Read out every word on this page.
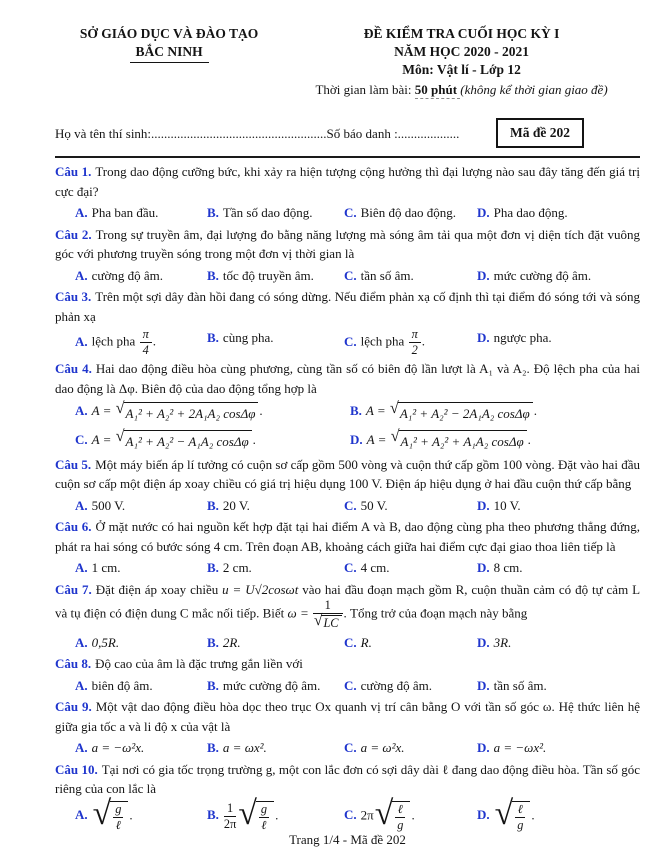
SỞ GIÁO DỤC VÀ ĐÀO TẠO
BẮC NINH
ĐỀ KIỂM TRA CUỐI HỌC KỲ I
NĂM HỌC 2020 - 2021
Môn: Vật lí - Lớp 12
Thời gian làm bài: 50 phút (không kể thời gian giao đề)
Họ và tên thí sinh:...................................................... Số báo danh :...................	Mã đề 202

Câu 1. Trong dao động cưỡng bức, khi xảy ra hiện tượng cộng hưởng thì đại lượng nào sau đây tăng đến giá trị cực đại?

A. Pha ban đầu.	B. Tần số dao động.	C. Biên độ dao động.	D. Pha dao động.

Câu 2. Trong sự truyền âm, đại lượng đo bằng năng lượng mà sóng âm tải qua một đơn vị diện tích đặt vuông góc với phương truyền sóng trong một đơn vị thời gian là

A. cường độ âm.	B. tốc độ truyền âm.	C. tần số âm.	D. mức cường độ âm.

Câu 3. Trên một sợi dây đàn hồi đang có sóng dừng. Nếu điểm phản xạ cố định thì tại điểm đó sóng tới và sóng phản xạ

A. lệch pha $\frac{\pi}{4}$ .	B. cùng pha.	C. lệch pha $\frac{\pi}{2}$ .	D. ngược pha.

Câu 4. Hai dao động điều hòa cùng phương, cùng tần số có biên độ lần lượt là A₁ và A₂. Độ lệch pha của hai dao động là Δφ. Biên độ của dao động tổng hợp là

A. A = √ A₁² + A₂² + 2A₁A₂ cosΔφ .	B. A = √ A₁² + A₂² − 2A₁A₂ cosΔφ .
C. A = √ A₁² + A₂² − A₁A₂ cosΔφ .	D. A = √ A₁² + A₂² + A₁A₂ cosΔφ .

Câu 5. Một máy biến áp lí tưởng có cuộn sơ cấp gồm 500 vòng và cuộn thứ cấp gồm 100 vòng. Đặt vào hai đầu cuộn sơ cấp một điện áp xoay chiều có giá trị hiệu dụng 100 V. Điện áp hiệu dụng ở hai đầu cuộn thứ cấp bằng

A. 500 V.	B. 20 V.	C. 50 V.	D. 10 V.

Câu 6. Ở mặt nước có hai nguồn kết hợp đặt tại hai điểm A và B, dao động cùng pha theo phương thẳng đứng, phát ra hai sóng có bước sóng 4 cm. Trên đoạn AB, khoảng cách giữa hai điểm cực đại giao thoa liên tiếp là

A. 1 cm.	B. 2 cm.	C. 4 cm.	D. 8 cm.

Câu 7. Đặt điện áp xoay chiều u = U√2cosωt vào hai đầu đoạn mạch gồm R, cuộn thuần cảm có độ tự cảm L và tụ điện có điện dung C mắc nối tiếp. Biết $\omega = \frac{1}{√ LC}$ . Tổng trở của đoạn mạch này bằng

A. 0,5R.	B. 2R.	C. R.	D. 3R.

Câu 8. Độ cao của âm là đặc trưng gắn liền với

A. biên độ âm.	B. mức cường độ âm.	C. cường độ âm.	D. tần số âm.

Câu 9. Một vật dao động điều hòa dọc theo trục Ox quanh vị trí cân bằng O với tần số góc ω. Hệ thức liên hệ giữa gia tốc a và li độ x của vật là

A. a = −ω²x.	B. a = ωx².	C. a = ω²x.	D. a = −ωx².

Câu 10. Tại nơi có gia tốc trọng trường g, một con lắc đơn có sợi dây dài ℓ đang dao động điều hòa. Tần số góc riêng của con lắc là

A. √ $\frac{g}{\text{ℓ}}$ .	B. $\frac{1}{2\pi}$ √ $\frac{g}{\text{ℓ}}$ .	C. 2π √ $\frac{\text{ℓ}}{g}$ .	D. √ $\frac{\text{ℓ}}{g}$ .
Trang 1/4 - Mã đề 202
